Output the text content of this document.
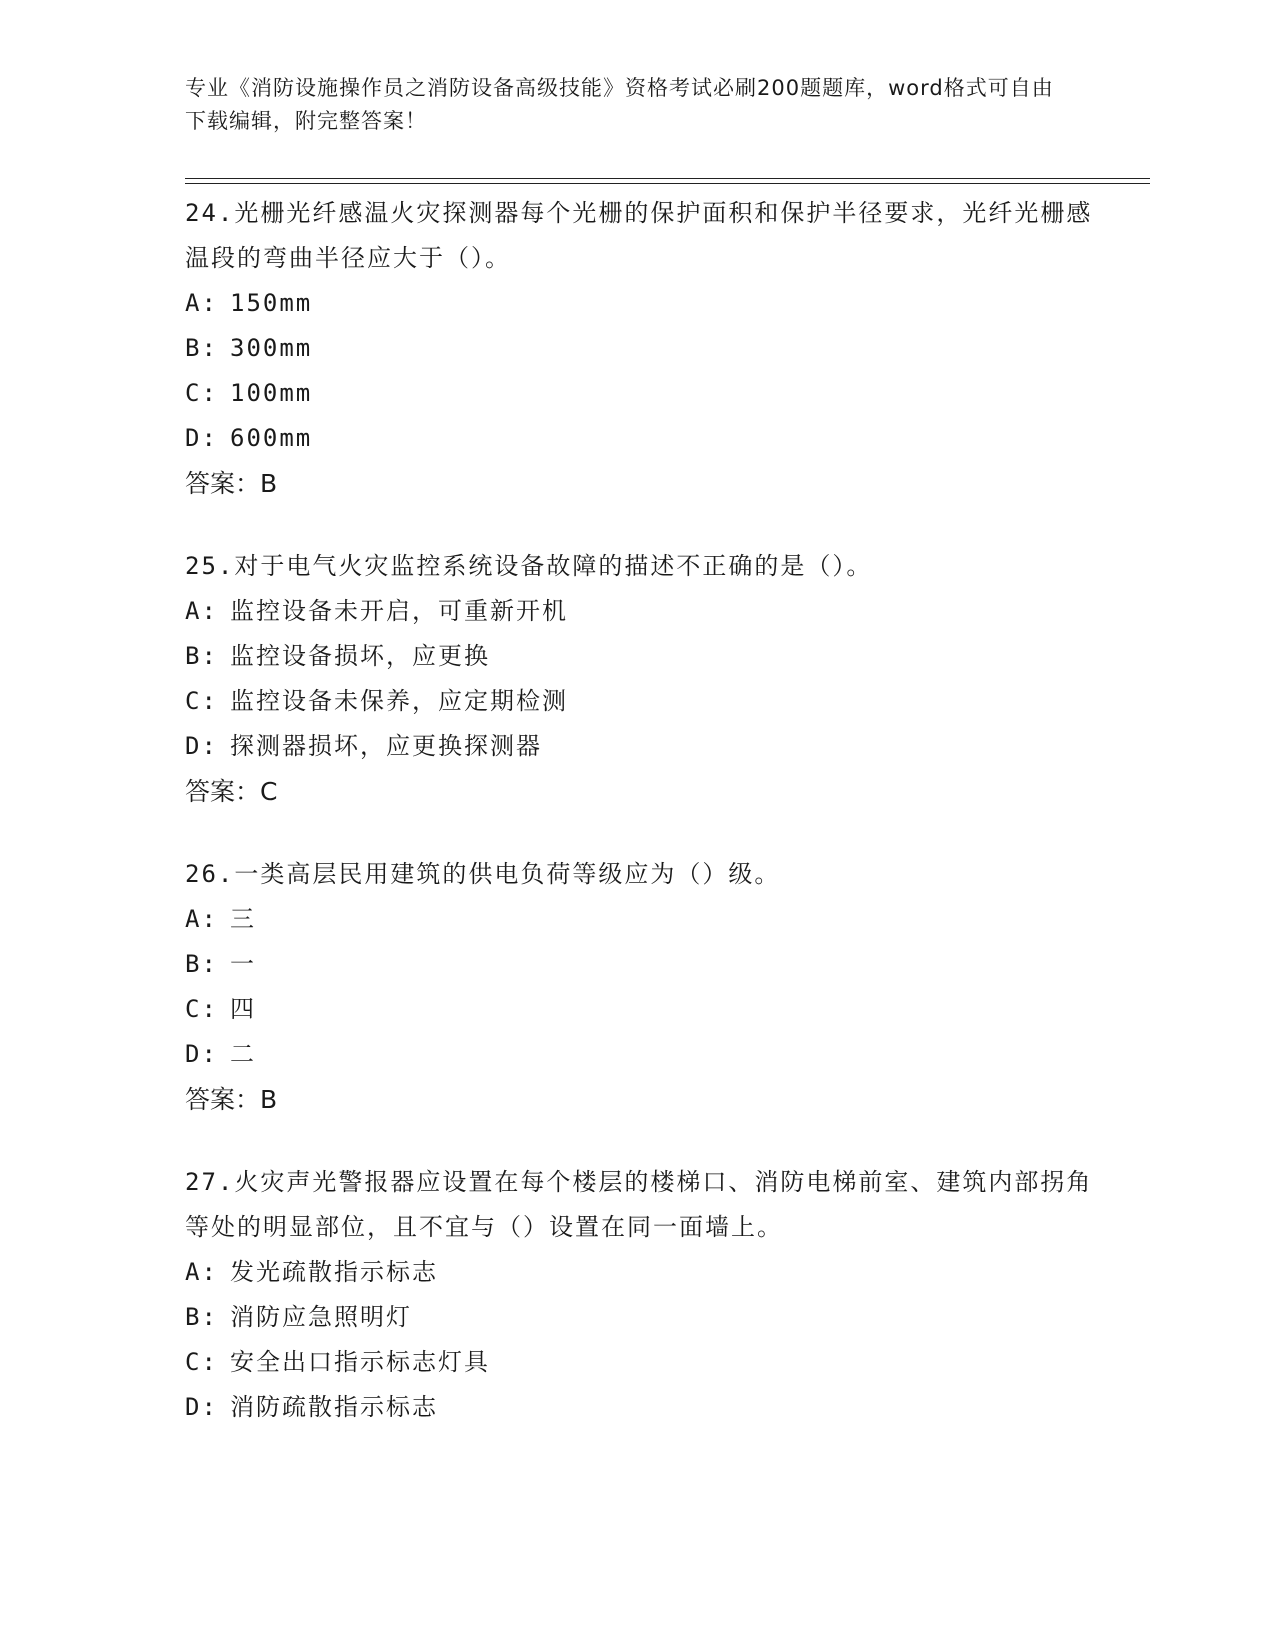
专业《消防设施操作员之消防设备高级技能》资格考试必刷200题题库，word格式可自由下载编辑，附完整答案！

24.光栅光纤感温火灾探测器每个光栅的保护面积和保护半径要求，光纤光栅感温段的弯曲半径应大于（）。

A: 150mm

B: 300mm

C: 100mm

D: 600mm

答案：B

25.对于电气火灾监控系统设备故障的描述不正确的是（）。

A: 监控设备未开启，可重新开机

B: 监控设备损坏，应更换

C: 监控设备未保养，应定期检测

D: 探测器损坏，应更换探测器

答案：C

26.一类高层民用建筑的供电负荷等级应为（）级。

A: 三

B: 一

C: 四

D: 二

答案：B

27.火灾声光警报器应设置在每个楼层的楼梯口、消防电梯前室、建筑内部拐角等处的明显部位，且不宜与（）设置在同一面墙上。

A: 发光疏散指示标志

B: 消防应急照明灯

C: 安全出口指示标志灯具

D: 消防疏散指示标志
